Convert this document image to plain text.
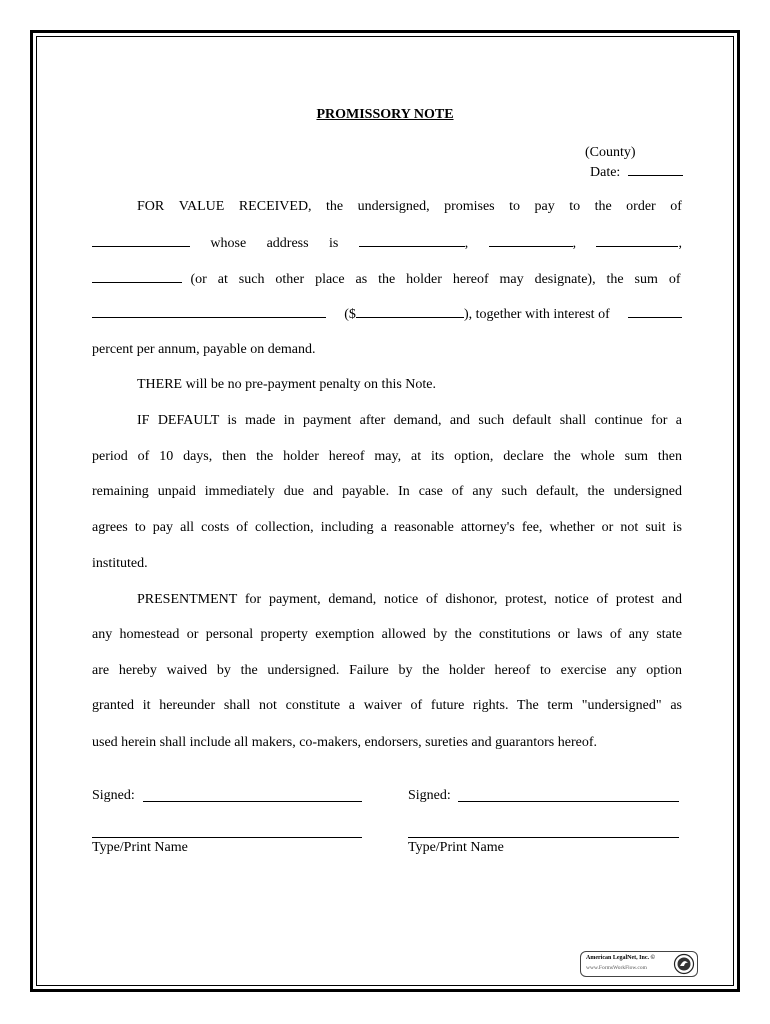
PROMISSORY NOTE
(County)
Date:
FOR VALUE RECEIVED, the undersigned, promises to pay to the order of
whose address is	,	,	,
(or at such other place as the holder hereof may designate), the sum of
($	), together with interest of
percent per annum, payable on demand.
THERE will be no pre-payment penalty on this Note.
IF DEFAULT is made in payment after demand, and such default shall continue for a
period of 10 days, then the holder hereof may, at its option, declare the whole sum then
remaining unpaid immediately due and payable. In case of any such default, the undersigned
agrees to pay all costs of collection, including a reasonable attorney's fee, whether or not suit is
instituted.
PRESENTMENT for payment, demand, notice of dishonor, protest, notice of protest and
any homestead or personal property exemption allowed by the constitutions or laws of any state
are hereby waived by the undersigned. Failure by the holder hereof to exercise any option
granted it hereunder shall not constitute a waiver of future rights. The term "undersigned" as
used herein shall include all makers, co-makers, endorsers, sureties and guarantors hereof.
Signed:	Signed:
Type/Print Name	Type/Print Name
American LegalNet, Inc. ©
www.FormsWorkFlow.com
